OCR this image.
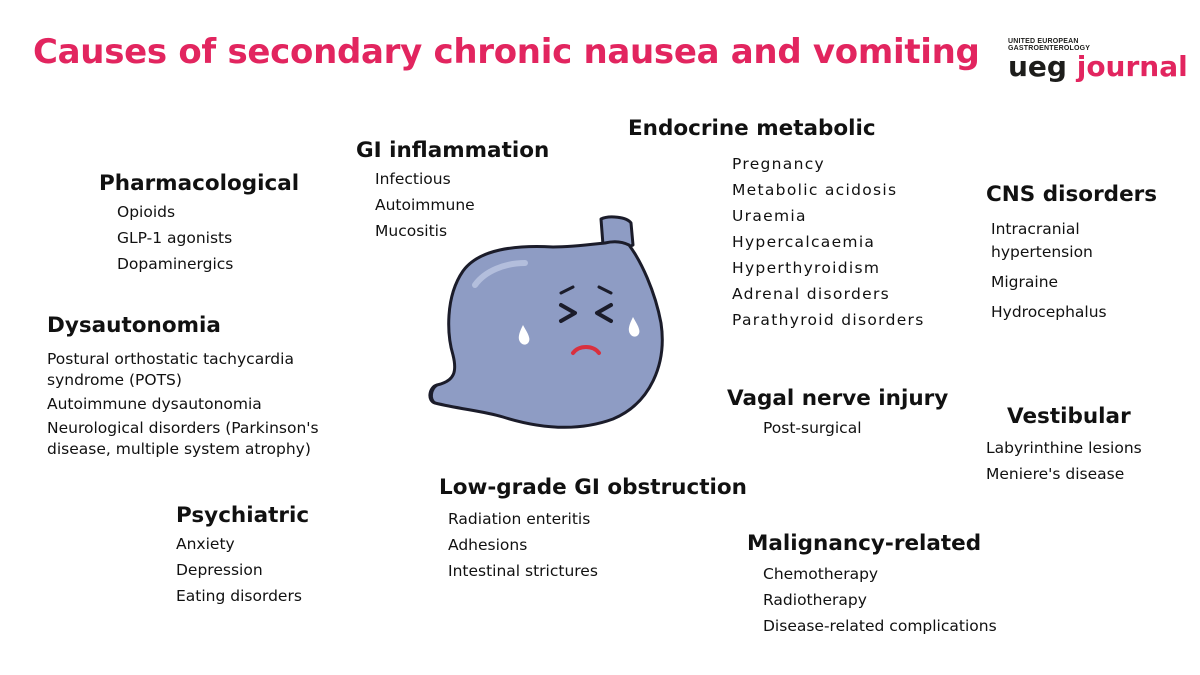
Causes of secondary chronic nausea and vomiting	UNITED EUROPEAN
GASTROENTEROLOGY
ueg journal
Pharmacological
Opioids
GLP-1 agonists
Dopaminergics
Dysautonomia
Postural orthostatic tachycardia syndrome (POTS)
Autoimmune dysautonomia
Neurological disorders (Parkinson's disease, multiple system atrophy)
Psychiatric
Anxiety
Depression
Eating disorders
GI inflammation
Infectious
Autoimmune
Mucositis
Endocrine metabolic
Pregnancy
Metabolic acidosis
Uraemia
Hypercalcaemia
Hyperthyroidism
Adrenal disorders
Parathyroid disorders
CNS disorders
Intracranial hypertension
Migraine
Hydrocephalus
Vagal nerve injury
Post-surgical	Vestibular
Labyrinthine lesions
Meniere's disease
Low-grade GI obstruction
Radiation enteritis
Adhesions
Intestinal strictures
Malignancy-related
Chemotherapy
Radiotherapy
Disease-related complications
